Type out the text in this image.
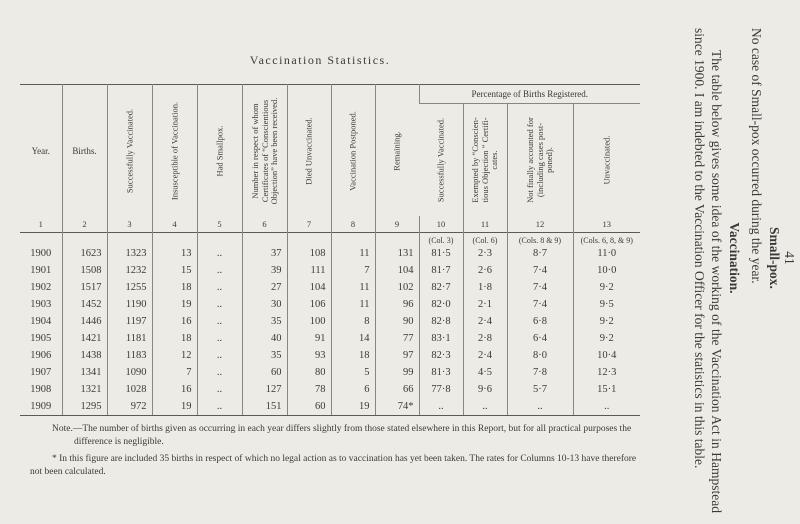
Vaccination Statistics.
Year.	Births.	Successfully Vaccinated.	Insusceptible of Vaccination.	Had Smallpox.	Number in respect of whom
Certificates of “Conscientious
Objection” have been received.	Died Unvaccinated.	Vaccination Postponed.	Remaining.	Percentage of Births Registered.			

									Successfully Vaccinated.	Exempted by “Conscien-
tious Objection ” Certifi-
cates.	Not finally accounted for
(including cases post-
poned).	Unvaccinated.

1	2	3	4	5	6	7	8	9	10	11	12	13
									(Col. 3)	(Col. 6)	(Cols. 8 & 9)	(Cols. 6, 8, & 9)
1900	1623	1323	13	..	37	108	11	131	81·5	2·3	8·7	11·0
1901	1508	1232	15	..	39	111	7	104	81·7	2·6	7·4	10·0
1902	1517	1255	18	..	27	104	11	102	82·7	1·8	7·4	9·2
1903	1452	1190	19	..	30	106	11	96	82·0	2·1	7·4	9·5
1904	1446	1197	16	..	35	100	8	90	82·8	2·4	6·8	9·2
1905	1421	1181	18	..	40	91	14	77	83·1	2·8	6·4	9·2
1906	1438	1183	12	..	35	93	18	97	82·3	2·4	8·0	10·4
1907	1341	1090	7	..	60	80	5	99	81·3	4·5	7·8	12·3
1908	1321	1028	16	..	127	78	6	66	77·8	9·6	5·7	15·1
1909	1295	972	19	..	151	60	19	74*	..	..	..	..

Note.—The number of births given as occurring in each year differs slightly from those stated elsewhere in this Report, but for all practical purposes the difference is negligible.

* In this figure are included 35 births in respect of which no legal action as to vaccination has yet been taken. The rates for Columns 10-13 have therefore not been calculated.

41
Small-pox.
No case of Small-pox occurred during the year.
Vaccination.
The table below gives some idea of the working of the Vaccination Act in Hampstead since 1900. I am indebted to the Vaccination Officer for the statistics in this table.
